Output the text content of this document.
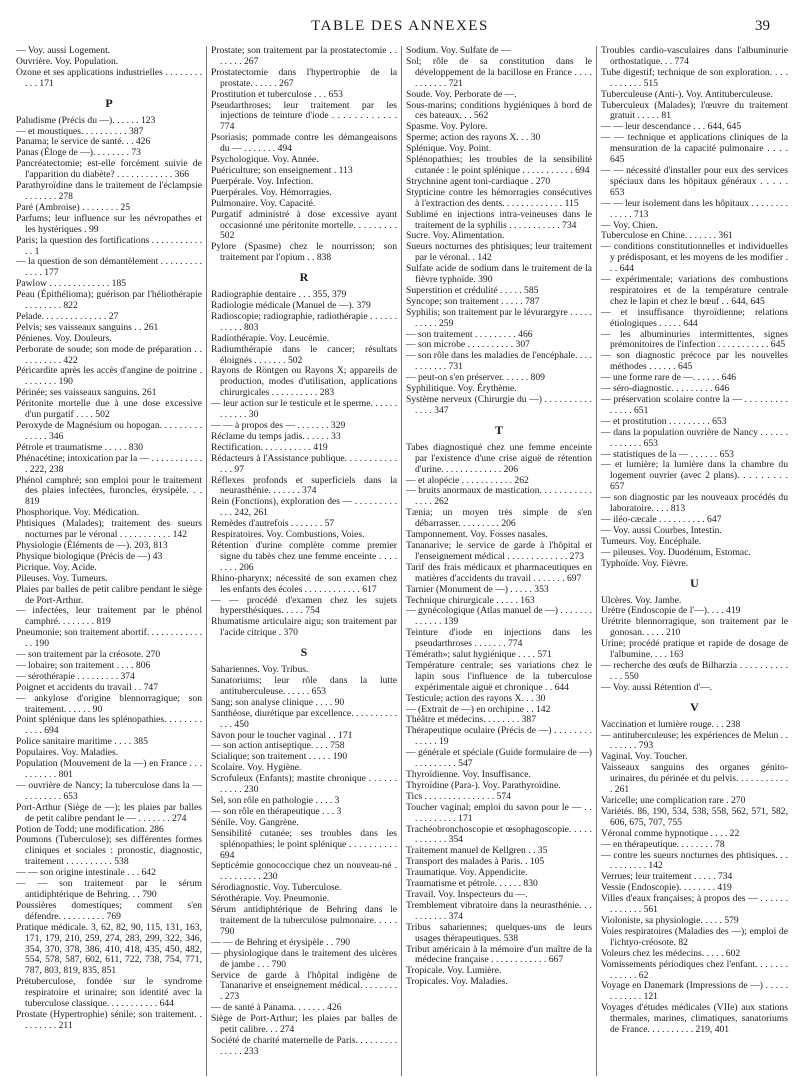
TABLE DES ANNEXES	39
— Voy. aussi Logement.
Ouvrière. Voy. Population.
Ozone et ses applications industrielles . . . . . . . . . . . 171
P
Paludisme (Précis du —). . . . . . 123
— et moustiques. . . . . . . . . . 387
Panama; le service de santé. . . 426
Panas (Éloge de —). . . . . . . . 73
Pancréatectomie; est-elle forcément suivie de l'apparition du diabète? . . . . . . . . . . . . 366
Parathyroïdine dans le traitement de l'éclampsie . . . . . . . 278
Paré (Ambroise) . . . . . . . . 25
Parfums; leur influence sur les névropathes et les hystériques . 99
Paris; la question des fortifications . . . . . . . . . . . . . 1
— la question de son démantèlement . . . . . . . . . . . . . 177
Pawlow . . . . . . . . . . . . . 185
Peau (Épithélioma); guérison par l'héliothérapie . . . . . . . . 822
Pelade. . . . . . . . . . . . . . 27
Pelvis; ses vaisseaux sanguins . . 261
Pénienes. Voy. Douleurs.
Perborate de soude; son mode de préparation . . . . . . . . . . 422
Péricardite après les accès d'angine de poitrine . . . . . . . . 190
Périnée; ses vaisseaux sanguins. 261
Péritonite mortelle due à une dose excessive d'un purgatif . . . . 502
Peroxyde de Magnésium ou hopogan. . . . . . . . . . . . . . 346
Pétrole et traumatisme . . . . . 830
Phénacétine; intoxication par la — . . . . . . . . . . . . 222, 238
Phénol camphré; son emploi pour le traitement des plaies infectées, furoncles, érysipèle. . . 819
Phosphorique. Voy. Médication.
Phtisiques (Malades); traitement des sueurs nocturnes par le véronal . . . . . . . . . . . 142
Physiologie (Éléments de —). 203, 813
Physique biologique (Précis de —) 43
Picrique. Voy. Acide.
Pileuses. Voy. Tumeurs.
Plaies par balles de petit calibre pendant le siège de Port-Arthur.
— infectées, leur traitement par le phénol camphré. . . . . . . . 819
Pneumonie; son traitement abortif. . . . . . . . . . . . . . 190
— son traitement par la créosote. 270
— lobaire; son traitement . . . . 806
— sérothérapie . . . . . . . . . 374
Poignet et accidents du travail . . 747
— ankylose d'origine blennorragique; son traitement. . . . . . 90
Point splénique dans les splénopathies. . . . . . . . . . . . 694
Police sanitaire maritime . . . . 385
Populaires. Voy. Maladies.
Population (Mouvement de la —) en France . . . . . . . . . . 801
— ouvrière de Nancy; la tuberculose dans la — . . . . . . . . 653
Port-Arthur (Siège de —); les plaies par balles de petit calibre pendant le — . . . . . . . 274
Potion de Todd; une modification. 286
Poumons (Tuberculose); ses différentes formes cliniques et sociales : pronostic, diagnostic, traitement . . . . . . . . . . 538
— — son origine intestinale . . . 642
— — son traitement par le sérum antidiphtérique de Behring. . . 790
Poussières domestiques; comment s'en défendre. . . . . . . . . . 769
Pratique médicale. 3, 62, 82, 90, 115, 131, 163, 171, 179, 210, 259, 274, 283, 299, 322, 346, 354, 370, 378, 386, 410, 418, 435, 450, 482, 554, 578, 587, 602, 611, 722, 738, 754, 771, 787, 803, 819, 835, 851
Prétuberculose, fondée sur le syndrome respiratoire et urinaire; son identité avec la tuberculose classique. . . . . . . . . . . 644
Prostate (Hypertrophie) sénile; son traitement. . . . . . . . . 211
Prostate; son traitement par la prostatectomie . . . . . . . 267
Prostatectomie dans l'hypertrophie de la prostate. . . . . . 267
Prostitution et tuberculose . . . 653
Pseudarthroses; leur traitement par les injections de teinture d'iode . . . . . . . . . . . . 774
Psoriasis; pommade contre les démangeaisons du — . . . . . . . 494
Psychologique. Voy. Année.
Puériculture; son enseignement . 113
Puerpérale. Voy. Infection.
Puerpérales. Voy. Hémorragies.
Pulmonaire. Voy. Capacité.
Purgatif administré à dose excessive ayant occasionné une péritonite mortelle. . . . . . . . . 502
Pylore (Spasme) chez le nourrisson; son traitement par l'opium . . 838
R
Radiographie dentaire . . . 355, 379
Radiologie médicale (Manuel de —). 379
Radioscopie; radiographie, radiothérapie . . . . . . . . . . . 803
Radiothérapie. Voy. Leucémie.
Radiumthérapie dans le cancer; résultats éloignés . . . . . . . 502
Rayons de Röntgen ou Rayons X; appareils de production, modes d'utilisation, applications chirurgicales . . . . . . . . . . 283
— leur action sur le testicule et le sperme. . . . . . . . . . . . 30
— — à propos des — . . . . . . . 329
Réclame du temps jadis. . . . . . 33
Rectification. . . . . . . . . . . 419
Rédacteurs à l'Assistance publique. . . . . . . . . . . . . . 97
Réflexes profonds et superficiels dans la neurasthénie. . . . . . . 374
Rein (Fonctions), exploration des — . . . . . . . . . . . . 242, 261
Remèdes d'autrefois . . . . . . . 57
Respiratoires. Voy. Combustions, Voies.
Rétention d'urine complète comme premier signe du tabès chez une femme enceinte . . . . . . . . 206
Rhino-pharynx; nécessité de son examen chez les enfants des écoles . . . . . . . . . . . . 617
— — procédé d'examen chez les sujets hypersthésiques. . . . . 754
Rhumatisme articulaire aigu; son traitement par l'acide citrique . 370
S
Sahariennes. Voy. Tribus.
Sanatoriums; leur rôle dans la lutte antituberculeuse. . . . . . 653
Sang; son analyse clinique . . . . 90
Santhéose, diurétique par excellence. . . . . . . . . . . . . 450
Savon pour le toucher vaginal . . 171
— son action antiseptique. . . . 758
Scialique; son traitement . . . . . 190
Scolaire. Voy. Hygiène.
Scrofuleux (Enfants); mastite chronique . . . . . . . . . . . 230
Sel, son rôle en pathologie . . . . 3
— son rôle en thérapeutique . . . 3
Sénile. Voy. Gangrène.
Sensibilité cutanée; ses troubles dans les splénopathies; le point splénique . . . . . . . . . . 694
Septicémie gonococcique chez un nouveau-né . . . . . . . . . . 230
Sérodiagnostic. Voy. Tuberculose.
Sérothérapie. Voy. Pneumonie.
Sérum antidiphtérique de Behring dans le traitement de la tuberculose pulmonaire. . . . . 790
— — de Behring et érysipèle . . 790
— physiologique dans le traitement des ulcères de jambe . . . 790
Service de garde à l'hôpital indigène de Tananarive et enseignement médical. . . . . . . . . 273
— de santé à Panama. . . . . . . 426
Siège de Port-Arthur; les plaies par balles de petit calibre. . . 274
Société de charité maternelle de Paris. . . . . . . . . . . . . . 233
Sodium. Voy. Sulfate de —
Sol; rôle de sa constitution dans le développement de la bacillose en France . . . . . . . . . . . 721
Soude. Voy. Perborate de —.
Sous-marins; conditions hygiéniques à bord de ces bateaux. . . 562
Spasme. Voy. Pylore.
Sperme; action des rayons X. . . 30
Splénique. Voy. Point.
Splénopathies; les troubles de la sensibilité cutanée : le point splénique . . . . . . . . . . . 694
Strychnine agent toni-cardiaque . 270
Stypticine contre les hémorragies consécutives à l'extraction des dents. . . . . . . . . . . . . 115
Sublimé en injections intra-veineuses dans le traitement de la syphilis . . . . . . . . . . . 734
Sucre. Voy. Alimentation.
Sueurs nocturnes des phtisiques; leur traitement par le véronal. . 142
Sulfate acide de sodium dans le traitement de la fièvre typhoïde. 390
Superstition et crédulité . . . . . 585
Syncope; son traitement . . . . . 787
Syphilis; son traitement par le lévurargyre . . . . . . . . . . 259
— son traitement . . . . . . . . . 466
— son microbe . . . . . . . . . . 307
— son rôle dans les maladies de l'encéphale. . . . . . . . . . . 731
— peut-on s'en préserver. . . . . . 809
Syphilitique. Voy. Érythème.
Système nerveux (Chirurgie du —) . . . . . . . . . . . . . . 347
T
Tabes diagnostiqué chez une femme enceinte par l'existence d'une crise aiguë de rétention d'urine. . . . . . . . . . . . . 206
— et alopécie . . . . . . . . . . . 262
— bruits anormaux de mastication. . . . . . . . . . . . . . . 262
Tænia; un moyen très simple de s'en débarrasser. . . . . . . . . 206
Tamponnement. Voy. Fosses nasales.
Tananarive; le service de garde à l'hôpital et l'enseignement médical . . . . . . . . . . . . . 273
Tarif des frais médicaux et pharmaceutiques en matières d'accidents du travail . . . . . . . 697
Tarnier (Monument de —) . . . . . 353
Technique chirurgicale . . . . . 163
— gynécologique (Atlas manuel de —) . . . . . . . . . . . . . 139
Teinture d'iode en injections dans les pseudarthroses . . . . . . . 774
Témérath»; salut hygiénique . . . . 571
Température centrale; ses variations chez le lapin sous l'influence de la tuberculose expérimentale aiguë et chronique . . 644
Testicule; action des rayons X. . . 30
— (Extrait de —) en orchipine . . 142
Théâtre et médecins. . . . . . . . 387
Thérapeutique oculaire (Précis de —) . . . . . . . . . . . . . 19
— générale et spéciale (Guide formulaire de —) . . . . . . . . . 547
Thyroïdienne. Voy. Insuffisance.
Thyroïdine (Para-). Voy. Parathyroïdine.
Tics . . . . . . . . . . . . . . . 574
Toucher vaginal; emploi du savon pour le — . . . . . . . . . . . 171
Trachéobronchoscopie et œsophagoscopie. . . . . . . . . . . . 354
Traitement manuel de Kellgren . . 35
Transport des malades à Paris. . 105
Traumatique. Voy. Appendicite.
Traumatisme et pétrole. . . . . . 830
Travail. Voy. Inspecteurs du —.
Tremblement vibratoire dans la neurasthénie. . . . . . . . . . 374
Tribus sahariennes; quelques-uns de leurs usages thérapeutiques. 538
Tribut américain à la mémoire d'un maître de la médecine française . . . . . . . . . . . . 667
Tropicale. Voy. Lumière.
Tropicales. Voy. Maladies.
Troubles cardio-vasculaires dans l'albuminurie orthostatique. . . 774
Tube digestif; technique de son exploration. . . . . . . . . . . 515
Tuberculeuse (Anti-). Voy. Antituberculeuse.
Tuberculeux (Malades); l'œuvre du traitement gratuit . . . . . 81
— — leur descendance . . . 644, 645
— — technique et applications cliniques de la mensuration de la capacité pulmonaire . . . . 645
— — nécessité d'installer pour eux des services spéciaux dans les hôpitaux généraux . . . . . 653
— — leur isolement dans les hôpitaux . . . . . . . . . . . . . 713
— Voy. Chien.
Tuberculose en Chine. . . . . . . 361
— conditions constitutionnelles et individuelles y prédisposant, et les moyens de les modifier . . . 644
— expérimentale; variations des combustions respiratoires et de la température centrale chez le lapin et chez le bœuf . . 644, 645
— et insuffisance thyroïdienne; relations étiologiques . . . . . 644
— les albuminuries intermittentes, signes prémonitoires de l'infection . . . . . . . . . . . 645
— son diagnostic précoce par les nouvelles méthodes . . . . . . 645
— une forme rare de —. . . . . . 646
— séro-diagnostic. . . . . . . . . 646
— préservation scolaire contre la — . . . . . . . . . . . . . . 651
— et prostitution . . . . . . . . . 653
— dans la population ouvrière de Nancy . . . . . . . . . . . . . 653
— statistiques de la — . . . . . . 653
— et lumière; la lumière dans la chambre du logement ouvrier (avec 2 plans). . . . . . . . . 657
— son diagnostic par les nouveaux procédés du laboratoire. . . . 813
— iléo-cæcale . . . . . . . . . . 647
— Voy. aussi Courbes, Intestin.
Tumeurs. Voy. Encéphale.
— pileuses. Voy. Duodénum, Estomac.
Typhoïde. Voy. Fièvre.
U
Ulcères. Voy. Jambe.
Urètre (Endoscopie de l'—). . . . 419
Urétrite blennorragique, son traitement par le gonosan. . . . . 210
Urine; procédé pratique et rapide de dosage de l'albumine. . . . 163
— recherche des œufs de Bilharzia . . . . . . . . . . . . . 550
— Voy. aussi Rétention d'—.
V
Vaccination et lumière rouge. . . 238
— antituberculeuse; les expériences de Melun . . . . . . . . 793
Vaginal. Voy. Toucher.
Vaisseaux sanguins des organes génito-urinaires, du périnée et du pelvis. . . . . . . . . . . . 261
Varicelle; une complication rare . 270
Variétés. 86, 190, 534, 538, 558, 562, 571, 582, 606, 675, 707, 755
Véronal comme hypnotique . . . . 22
— en thérapeutique. . . . . . . . 78
— contre les sueurs nocturnes des phtisiques. . . . . . . . . . . 142
Verrues; leur traitement . . . . . 734
Vessie (Endoscopie). . . . . . . . 419
Villes d'eaux françaises; à propos des — . . . . . . . . . . . . . 561
Violoniste, sa physiologie. . . . . 579
Voies respiratoires (Maladies des —); emploi de l'ichtyo-créosote. 82
Voleurs chez les médecins. . . . . 602
Vomissements périodiques chez l'enfant. . . . . . . . . . . . . 62
Voyage en Danemark (Impressions de —) . . . . . . . . . . . . 121
Voyages d'études médicales (VIIe) aux stations thermales, marines, climatiques, sanatoriums de France. . . . . . . . . . 219, 401
